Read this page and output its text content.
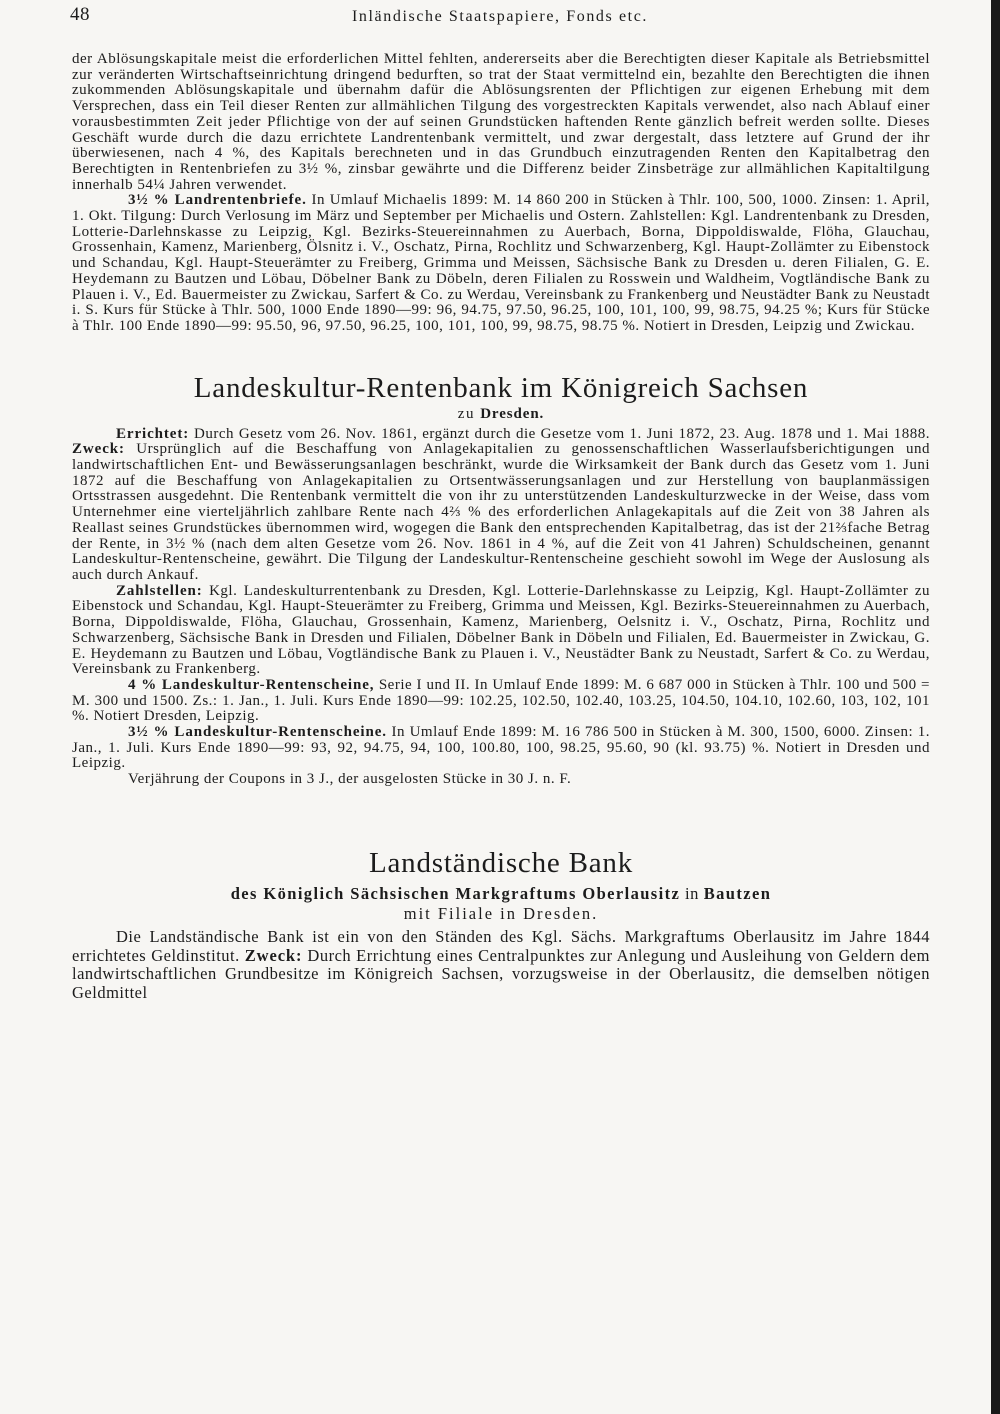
48	Inländische Staatspapiere, Fonds etc.

der Ablösungskapitale meist die erforderlichen Mittel fehlten, andererseits aber die Berechtigten dieser Kapitale als Betriebsmittel zur veränderten Wirtschaftseinrichtung dringend bedurften, so trat der Staat vermittelnd ein, bezahlte den Berechtigten die ihnen zukommenden Ablösungskapitale und übernahm dafür die Ablösungsrenten der Pflichtigen zur eigenen Erhebung mit dem Versprechen, dass ein Teil dieser Renten zur allmählichen Tilgung des vorgestreckten Kapitals verwendet, also nach Ablauf einer vorausbestimmten Zeit jeder Pflichtige von der auf seinen Grundstücken haftenden Rente gänzlich befreit werden sollte. Dieses Geschäft wurde durch die dazu errichtete Landrentenbank vermittelt, und zwar dergestalt, dass letztere auf Grund der ihr überwiesenen, nach 4 %, des Kapitals berechneten und in das Grundbuch einzutragenden Renten den Kapitalbetrag den Berechtigten in Rentenbriefen zu 3½ %, zinsbar gewährte und die Differenz beider Zinsbeträge zur allmählichen Kapitaltilgung innerhalb 54¼ Jahren verwendet.

3½ % Landrentenbriefe. In Umlauf Michaelis 1899: M. 14 860 200 in Stücken à Thlr. 100, 500, 1000. Zinsen: 1. April, 1. Okt. Tilgung: Durch Verlosung im März und September per Michaelis und Ostern. Zahlstellen: Kgl. Landrentenbank zu Dresden, Lotterie-Darlehnskasse zu Leipzig, Kgl. Bezirks-Steuereinnahmen zu Auerbach, Borna, Dippoldiswalde, Flöha, Glauchau, Grossenhain, Kamenz, Marienberg, Ölsnitz i. V., Oschatz, Pirna, Rochlitz und Schwarzenberg, Kgl. Haupt-Zollämter zu Eibenstock und Schandau, Kgl. Haupt-Steuerämter zu Freiberg, Grimma und Meissen, Sächsische Bank zu Dresden u. deren Filialen, G. E. Heydemann zu Bautzen und Löbau, Döbelner Bank zu Döbeln, deren Filialen zu Rosswein und Waldheim, Vogtländische Bank zu Plauen i. V., Ed. Bauermeister zu Zwickau, Sarfert & Co. zu Werdau, Vereinsbank zu Frankenberg und Neustädter Bank zu Neustadt i. S. Kurs für Stücke à Thlr. 500, 1000 Ende 1890—99: 96, 94.75, 97.50, 96.25, 100, 101, 100, 99, 98.75, 94.25 %; Kurs für Stücke à Thlr. 100 Ende 1890—99: 95.50, 96, 97.50, 96.25, 100, 101, 100, 99, 98.75, 98.75 %. Notiert in Dresden, Leipzig und Zwickau.

Landeskultur-Rentenbank im Königreich Sachsen

zu Dresden.

Errichtet: Durch Gesetz vom 26. Nov. 1861, ergänzt durch die Gesetze vom 1. Juni 1872, 23. Aug. 1878 und 1. Mai 1888. Zweck: Ursprünglich auf die Beschaffung von Anlagekapitalien zu genossenschaftlichen Wasserlaufsberichtigungen und landwirtschaftlichen Ent- und Bewässerungsanlagen beschränkt, wurde die Wirksamkeit der Bank durch das Gesetz vom 1. Juni 1872 auf die Beschaffung von Anlagekapitalien zu Ortsentwässerungsanlagen und zur Herstellung von bauplanmässigen Ortsstrassen ausgedehnt. Die Rentenbank vermittelt die von ihr zu unterstützenden Landeskulturzwecke in der Weise, dass vom Unternehmer eine vierteljährlich zahlbare Rente nach 4⅔ % des erforderlichen Anlagekapitals auf die Zeit von 38 Jahren als Reallast seines Grundstückes übernommen wird, wogegen die Bank den entsprechenden Kapitalbetrag, das ist der 21⅔fache Betrag der Rente, in 3½ % (nach dem alten Gesetze vom 26. Nov. 1861 in 4 %, auf die Zeit von 41 Jahren) Schuldscheinen, genannt Landeskultur-Rentenscheine, gewährt. Die Tilgung der Landeskultur-Rentenscheine geschieht sowohl im Wege der Auslosung als auch durch Ankauf.

Zahlstellen: Kgl. Landeskulturrentenbank zu Dresden, Kgl. Lotterie-Darlehnskasse zu Leipzig, Kgl. Haupt-Zollämter zu Eibenstock und Schandau, Kgl. Haupt-Steuerämter zu Freiberg, Grimma und Meissen, Kgl. Bezirks-Steuereinnahmen zu Auerbach, Borna, Dippoldiswalde, Flöha, Glauchau, Grossenhain, Kamenz, Marienberg, Oelsnitz i. V., Oschatz, Pirna, Rochlitz und Schwarzenberg, Sächsische Bank in Dresden und Filialen, Döbelner Bank in Döbeln und Filialen, Ed. Bauermeister in Zwickau, G. E. Heydemann zu Bautzen und Löbau, Vogtländische Bank zu Plauen i. V., Neustädter Bank zu Neustadt, Sarfert & Co. zu Werdau, Vereinsbank zu Frankenberg.

4 % Landeskultur-Rentenscheine, Serie I und II. In Umlauf Ende 1899: M. 6 687 000 in Stücken à Thlr. 100 und 500 = M. 300 und 1500. Zs.: 1. Jan., 1. Juli. Kurs Ende 1890—99: 102.25, 102.50, 102.40, 103.25, 104.50, 104.10, 102.60, 103, 102, 101 %. Notiert Dresden, Leipzig.

3½ % Landeskultur-Rentenscheine. In Umlauf Ende 1899: M. 16 786 500 in Stücken à M. 300, 1500, 6000. Zinsen: 1. Jan., 1. Juli. Kurs Ende 1890—99: 93, 92, 94.75, 94, 100, 100.80, 100, 98.25, 95.60, 90 (kl. 93.75) %. Notiert in Dresden und Leipzig.

Verjährung der Coupons in 3 J., der ausgelosten Stücke in 30 J. n. F.

Landständische Bank

des Königlich Sächsischen Markgraftums Oberlausitz in Bautzen

mit Filiale in Dresden.

Die Landständische Bank ist ein von den Ständen des Kgl. Sächs. Markgraftums Oberlausitz im Jahre 1844 errichtetes Geldinstitut. Zweck: Durch Errichtung eines Centralpunktes zur Anlegung und Ausleihung von Geldern dem landwirtschaftlichen Grundbesitze im Königreich Sachsen, vorzugsweise in der Oberlausitz, die demselben nötigen Geldmittel
